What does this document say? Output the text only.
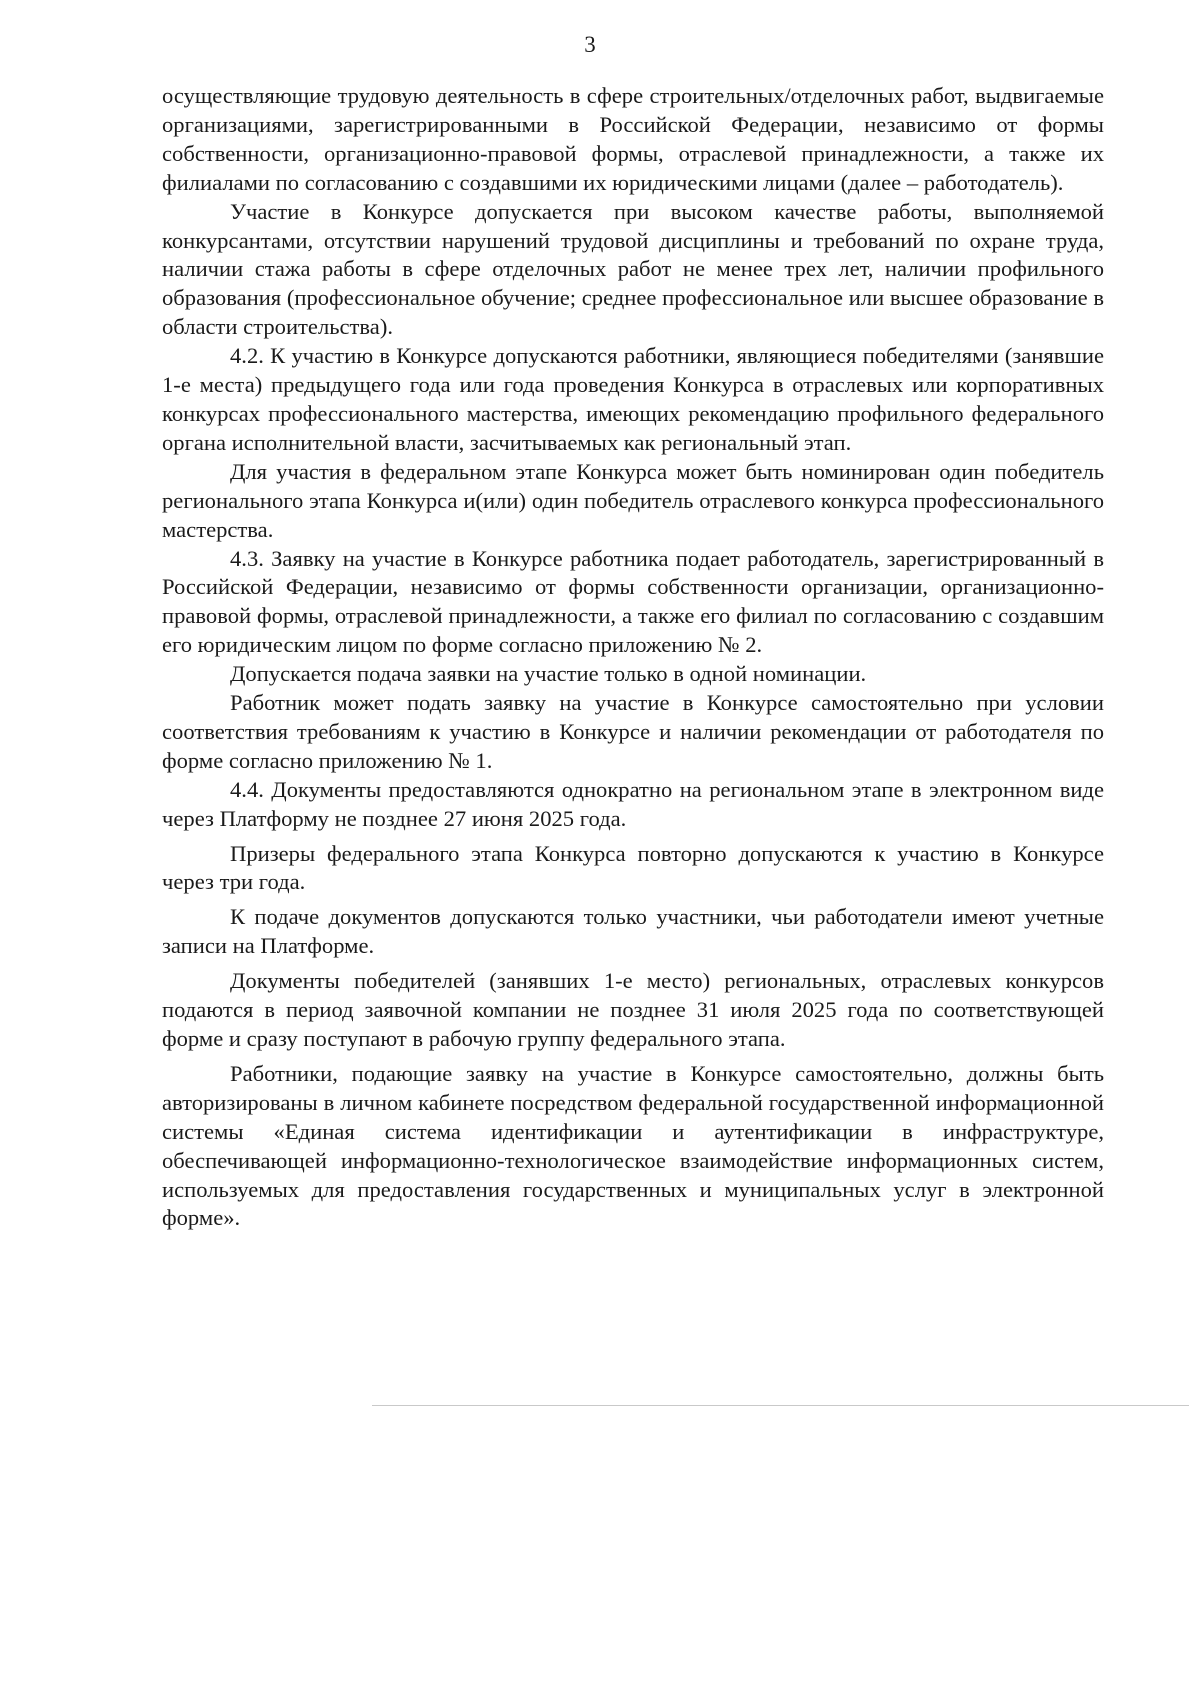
3

осуществляющие трудовую деятельность в сфере строительных/отделочных работ, выдвигаемые организациями, зарегистрированными в Российской Федерации, независимо от формы собственности, организационно-правовой формы, отраслевой принадлежности, а также их филиалами по согласованию с создавшими их юридическими лицами (далее – работодатель).

Участие в Конкурсе допускается при высоком качестве работы, выполняемой конкурсантами, отсутствии нарушений трудовой дисциплины и требований по охране труда, наличии стажа работы в сфере отделочных работ не менее трех лет, наличии профильного образования (профессиональное обучение; среднее профессиональное или высшее образование в области строительства).

4.2. К участию в Конкурсе допускаются работники, являющиеся победителями (занявшие 1-е места) предыдущего года или года проведения Конкурса в отраслевых или корпоративных конкурсах профессионального мастерства, имеющих рекомендацию профильного федерального органа исполнительной власти, засчитываемых как региональный этап.

Для участия в федеральном этапе Конкурса может быть номинирован один победитель регионального этапа Конкурса и(или) один победитель отраслевого конкурса профессионального мастерства.

4.3. Заявку на участие в Конкурсе работника подает работодатель, зарегистрированный в Российской Федерации, независимо от формы собственности организации, организационно-правовой формы, отраслевой принадлежности, а также его филиал по согласованию с создавшим его юридическим лицом по форме согласно приложению № 2.

Допускается подача заявки на участие только в одной номинации.

Работник может подать заявку на участие в Конкурсе самостоятельно при условии соответствия требованиям к участию в Конкурсе и наличии рекомендации от работодателя по форме согласно приложению № 1.

4.4. Документы предоставляются однократно на региональном этапе в электронном виде через Платформу не позднее 27 июня 2025 года.

Призеры федерального этапа Конкурса повторно допускаются к участию в Конкурсе через три года.

К подаче документов допускаются только участники, чьи работодатели имеют учетные записи на Платформе.

Документы победителей (занявших 1-е место) региональных, отраслевых конкурсов подаются в период заявочной компании не позднее 31 июля 2025 года по соответствующей форме и сразу поступают в рабочую группу федерального этапа.

Работники, подающие заявку на участие в Конкурсе самостоятельно, должны быть авторизированы в личном кабинете посредством федеральной государственной информационной системы «Единая система идентификации и аутентификации в инфраструктуре, обеспечивающей информационно-технологическое взаимодействие информационных систем, используемых для предоставления государственных и муниципальных услуг в электронной форме».
